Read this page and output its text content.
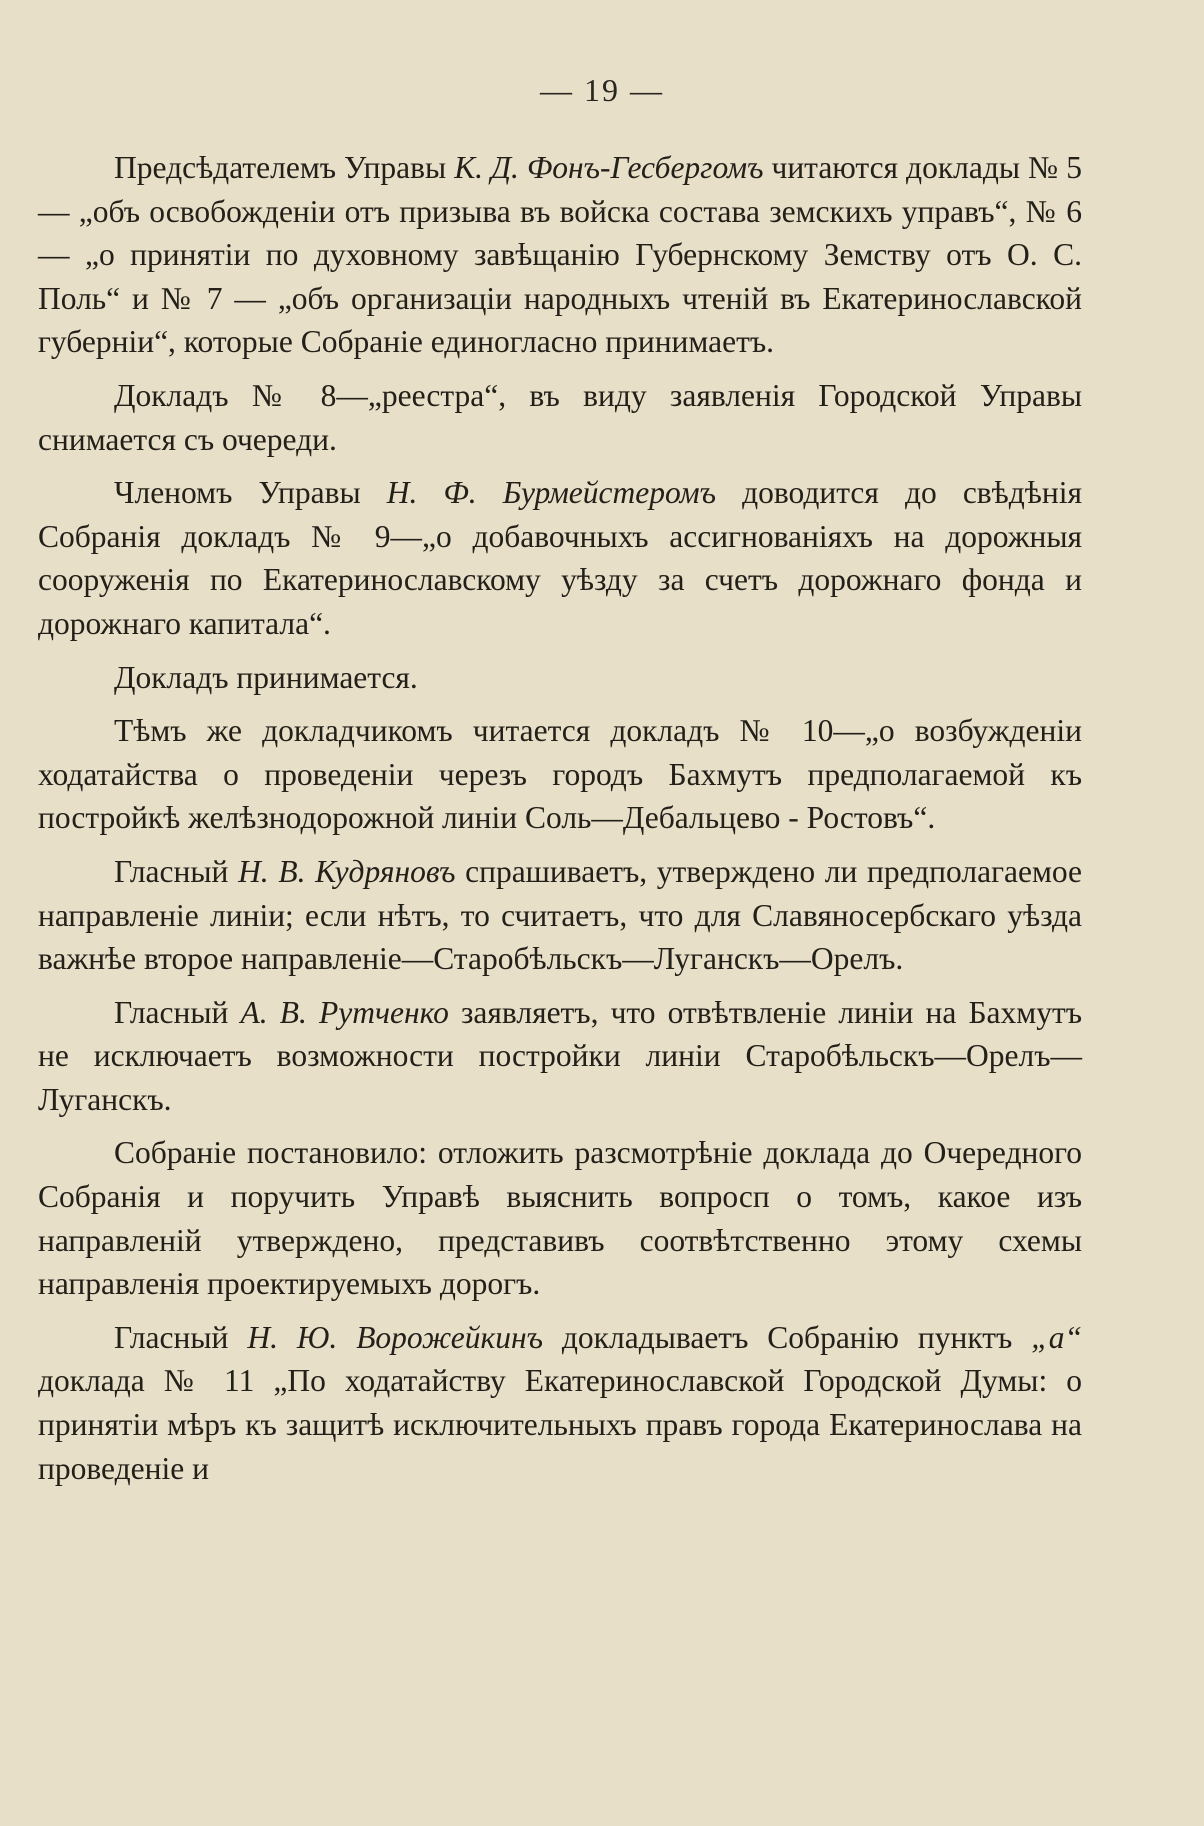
— 19 —

Предсѣдателемъ Управы К. Д. Фонъ-Гесбергомъ читаются доклады № 5 — „объ освобожденiи отъ призыва въ войска состава земскихъ управъ“, № 6 — „о принятiи по духовному завѣщанiю Губернскому Земству отъ О. С. Поль“ и № 7 — „объ организацiи народныхъ чтенiй въ Екатеринославской губернiи“, которые Собранiе единогласно принимаетъ.

Докладъ № 8—„реестра“, въ виду заявленiя Городской Управы снимается съ очереди.

Членомъ Управы Н. Ф. Бурмейстеромъ доводится до свѣдѣнiя Собранiя докладъ № 9—„о добавочныхъ ассигнованiяхъ на дорожныя сооруженiя по Екатеринославскому уѣзду за счетъ дорожнаго фонда и дорожнаго капитала“.

Докладъ принимается.

Тѣмъ же докладчикомъ читается докладъ № 10—„о возбужденiи ходатайства о проведенiи черезъ городъ Бахмутъ предполагаемой къ постройкѣ желѣзнодорожной линiи Соль—Дебальцево - Ростовъ“.

Гласный Н. В. Кудряновъ спрашиваетъ, утверждено ли предполагаемое направленiе линiи; если нѣтъ, то считаетъ, что для Славяносербскаго уѣзда важнѣе второе направленiе—Старобѣльскъ—Луганскъ—Орелъ.

Гласный А. В. Рутченко заявляетъ, что отвѣтвленiе линiи на Бахмутъ не исключаетъ возможности постройки линiи Старобѣльскъ—Орелъ—Луганскъ.

Собранiе постановило: отложить разсмотрѣнiе доклада до Очередного Собранiя и поручить Управѣ выяснить вопросп о томъ, какое изъ направленiй утверждено, представивъ соотвѣтственно этому схемы направленiя проектируемыхъ дорогъ.

Гласный Н. Ю. Ворожейкинъ докладываетъ Собранiю пунктъ „а“ доклада № 11 „По ходатайству Екатеринославской Городской Думы: о принятiи мѣръ къ защитѣ исключительныхъ правъ города Екатеринослава на проведенiе и
